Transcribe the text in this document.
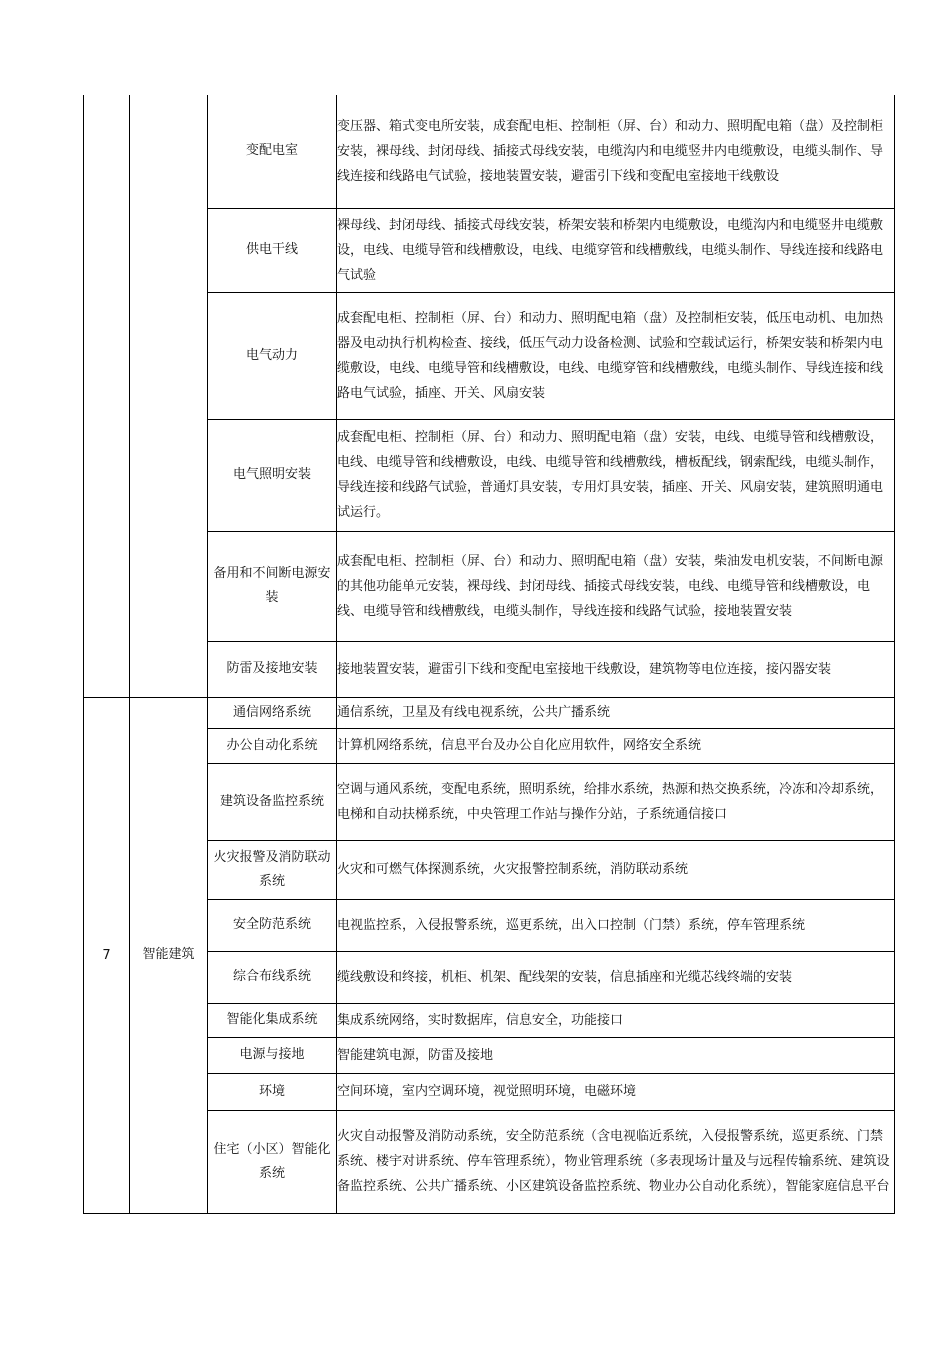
		变配电室	变压器、箱式变电所安装，成套配电柜、控制柜（屏、台）和动力、照明配电箱（盘）及控制柜安装，裸母线、封闭母线、插接式母线安装，电缆沟内和电缆竖井内电缆敷设，电缆头制作、导线连接和线路电气试验，接地装置安装，避雷引下线和变配电室接地干线敷设
		供电干线	裸母线、封闭母线、插接式母线安装，桥架安装和桥架内电缆敷设，电缆沟内和电缆竖井电缆敷设，电线、电缆导管和线槽敷设，电线、电缆穿管和线槽敷线，电缆头制作、导线连接和线路电气试验
		电气动力	成套配电柜、控制柜（屏、台）和动力、照明配电箱（盘）及控制柜安装，低压电动机、电加热器及电动执行机构检查、接线，低压气动力设备检测、试验和空载试运行，桥架安装和桥架内电缆敷设，电线、电缆导管和线槽敷设，电线、电缆穿管和线槽敷线，电缆头制作、导线连接和线路电气试验，插座、开关、风扇安装
		电气照明安装	成套配电柜、控制柜（屏、台）和动力、照明配电箱（盘）安装，电线、电缆导管和线槽敷设，电线、电缆导管和线槽敷设，电线、电缆导管和线槽敷线，槽板配线，钢索配线，电缆头制作，导线连接和线路气试验，普通灯具安装，专用灯具安装，插座、开关、风扇安装，建筑照明通电试运行。
		备用和不间断电源安装	成套配电柜、控制柜（屏、台）和动力、照明配电箱（盘）安装，柴油发电机安装，不间断电源的其他功能单元安装，裸母线、封闭母线、插接式母线安装，电线、电缆导管和线槽敷设，电线、电缆导管和线槽敷线，电缆头制作，导线连接和线路气试验，接地装置安装
		防雷及接地安装	接地装置安装，避雷引下线和变配电室接地干线敷设，建筑物等电位连接，接闪器安装
7	智能建筑	通信网络系统	通信系统，卫星及有线电视系统，公共广播系统
		办公自动化系统	计算机网络系统，信息平台及办公自化应用软件，网络安全系统
		建筑设备监控系统	空调与通风系统，变配电系统，照明系统，给排水系统，热源和热交换系统，冷冻和冷却系统，电梯和自动扶梯系统，中央管理工作站与操作分站，子系统通信接口
		火灾报警及消防联动系统	火灾和可燃气体探测系统，火灾报警控制系统，消防联动系统
		安全防范系统	电视监控系，入侵报警系统，巡更系统，出入口控制（门禁）系统，停车管理系统
		综合布线系统	缆线敷设和终接，机柜、机架、配线架的安装，信息插座和光缆芯线终端的安装
		智能化集成系统	集成系统网络，实时数据库，信息安全，功能接口
		电源与接地	智能建筑电源，防雷及接地
		环境	空间环境，室内空调环境，视觉照明环境，电磁环境
		住宅（小区）智能化系统	火灾自动报警及消防动系统，安全防范系统（含电视临近系统，入侵报警系统，巡更系统、门禁系统、楼宇对讲系统、停车管理系统），物业管理系统（多表现场计量及与远程传输系统、建筑设备监控系统、公共广播系统、小区建筑设备监控系统、物业办公自动化系统），智能家庭信息平台
